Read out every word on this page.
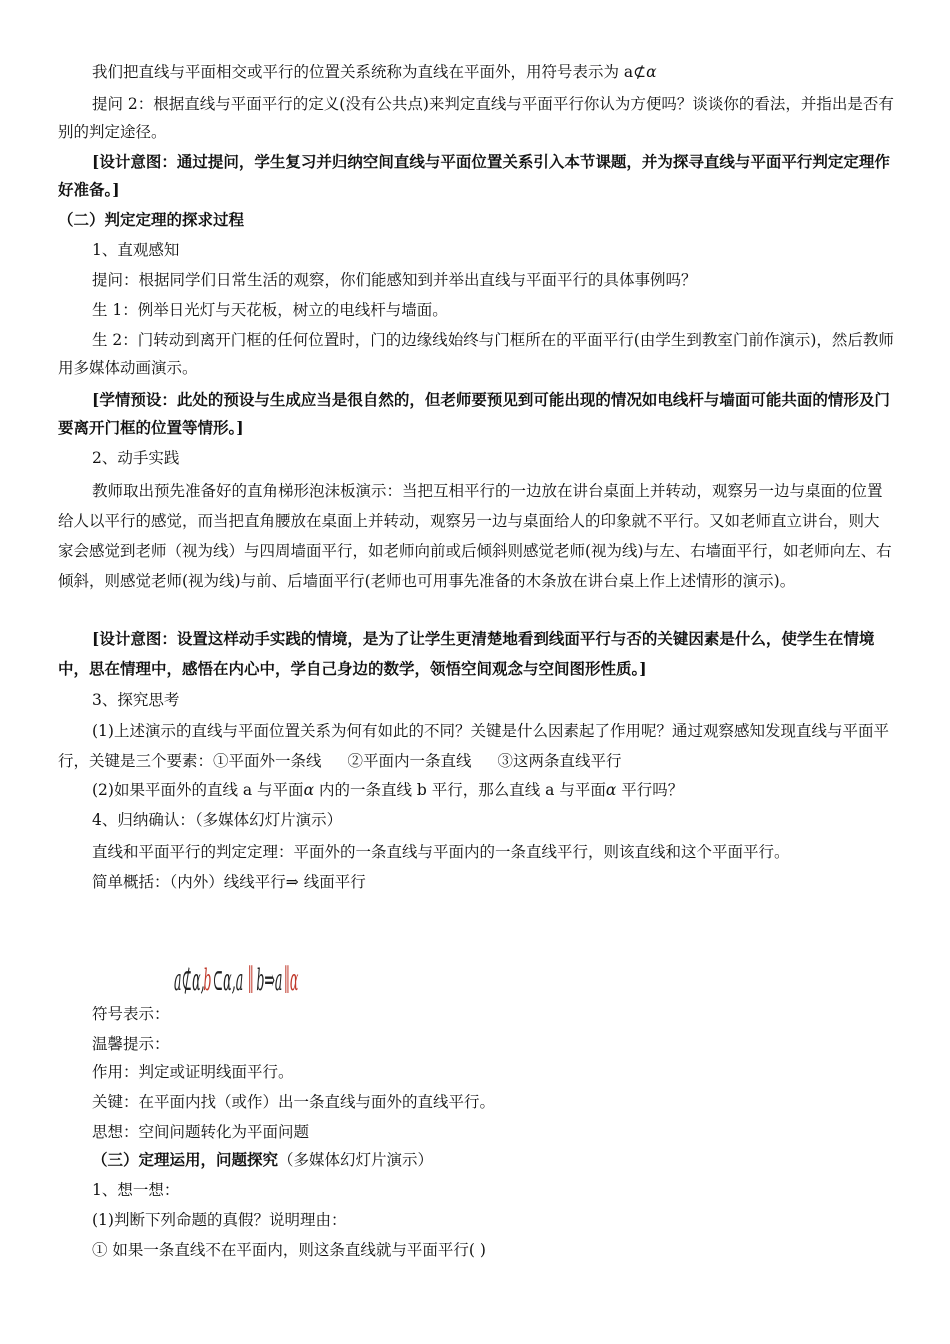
我们把直线与平面相交或平行的位置关系统称为直线在平面外，用符号表示为 a⊄α

提问 2：根据直线与平面平行的定义(没有公共点)来判定直线与平面平行你认为方便吗？谈谈你的看法，并指出是否有别的判定途径。

[设计意图：通过提问，学生复习并归纳空间直线与平面位置关系引入本节课题，并为探寻直线与平面平行判定定理作好准备。]

（二）判定定理的探求过程
1、直观感知
提问：根据同学们日常生活的观察，你们能感知到并举出直线与平面平行的具体事例吗？
生 1：例举日光灯与天花板，树立的电线杆与墙面。

生 2：门转动到离开门框的任何位置时，门的边缘线始终与门框所在的平面平行(由学生到教室门前作演示)，然后教师用多媒体动画演示。

[学情预设：此处的预设与生成应当是很自然的，但老师要预见到可能出现的情况如电线杆与墙面可能共面的情形及门要离开门框的位置等情形。]

2、动手实践

教师取出预先准备好的直角梯形泡沫板演示：当把互相平行的一边放在讲台桌面上并转动，观察另一边与桌面的位置给人以平行的感觉，而当把直角腰放在桌面上并转动，观察另一边与桌面给人的印象就不平行。又如老师直立讲台，则大家会感觉到老师（视为线）与四周墙面平行，如老师向前或后倾斜则感觉老师(视为线)与左、右墙面平行，如老师向左、右倾斜，则感觉老师(视为线)与前、后墙面平行(老师也可用事先准备的木条放在讲台桌上作上述情形的演示)。

[设计意图：设置这样动手实践的情境，是为了让学生更清楚地看到线面平行与否的关键因素是什么，使学生在情境中，思在情理中，感悟在内心中，学自己身边的数学，领悟空间观念与空间图形性质。]

3、探究思考

(1)上述演示的直线与平面位置关系为何有如此的不同？关键是什么因素起了作用呢？通过观察感知发现直线与平面平行，关键是三个要素：①平面外一条线 ②平面内一条直线 ③这两条直线平行

(2)如果平面外的直线 a 与平面α 内的一条直线 b 平行，那么直线 a 与平面α 平行吗？
4、归纳确认：（多媒体幻灯片演示）
直线和平面平行的判定定理：平面外的一条直线与平面内的一条直线平行，则该直线和这个平面平行。
简单概括：（内外）线线平行⇒ 线面平行
a⊄α,
b ⊂α,a ∥ b⇒a ∥α
符号表示：
温馨提示：
作用：判定或证明线面平行。
关键：在平面内找（或作）出一条直线与面外的直线平行。
思想：空间问题转化为平面问题
（三）定理运用，问题探究（多媒体幻灯片演示）
1、想一想：
(1)判断下列命题的真假？说明理由：
① 如果一条直线不在平面内，则这条直线就与平面平行( )
